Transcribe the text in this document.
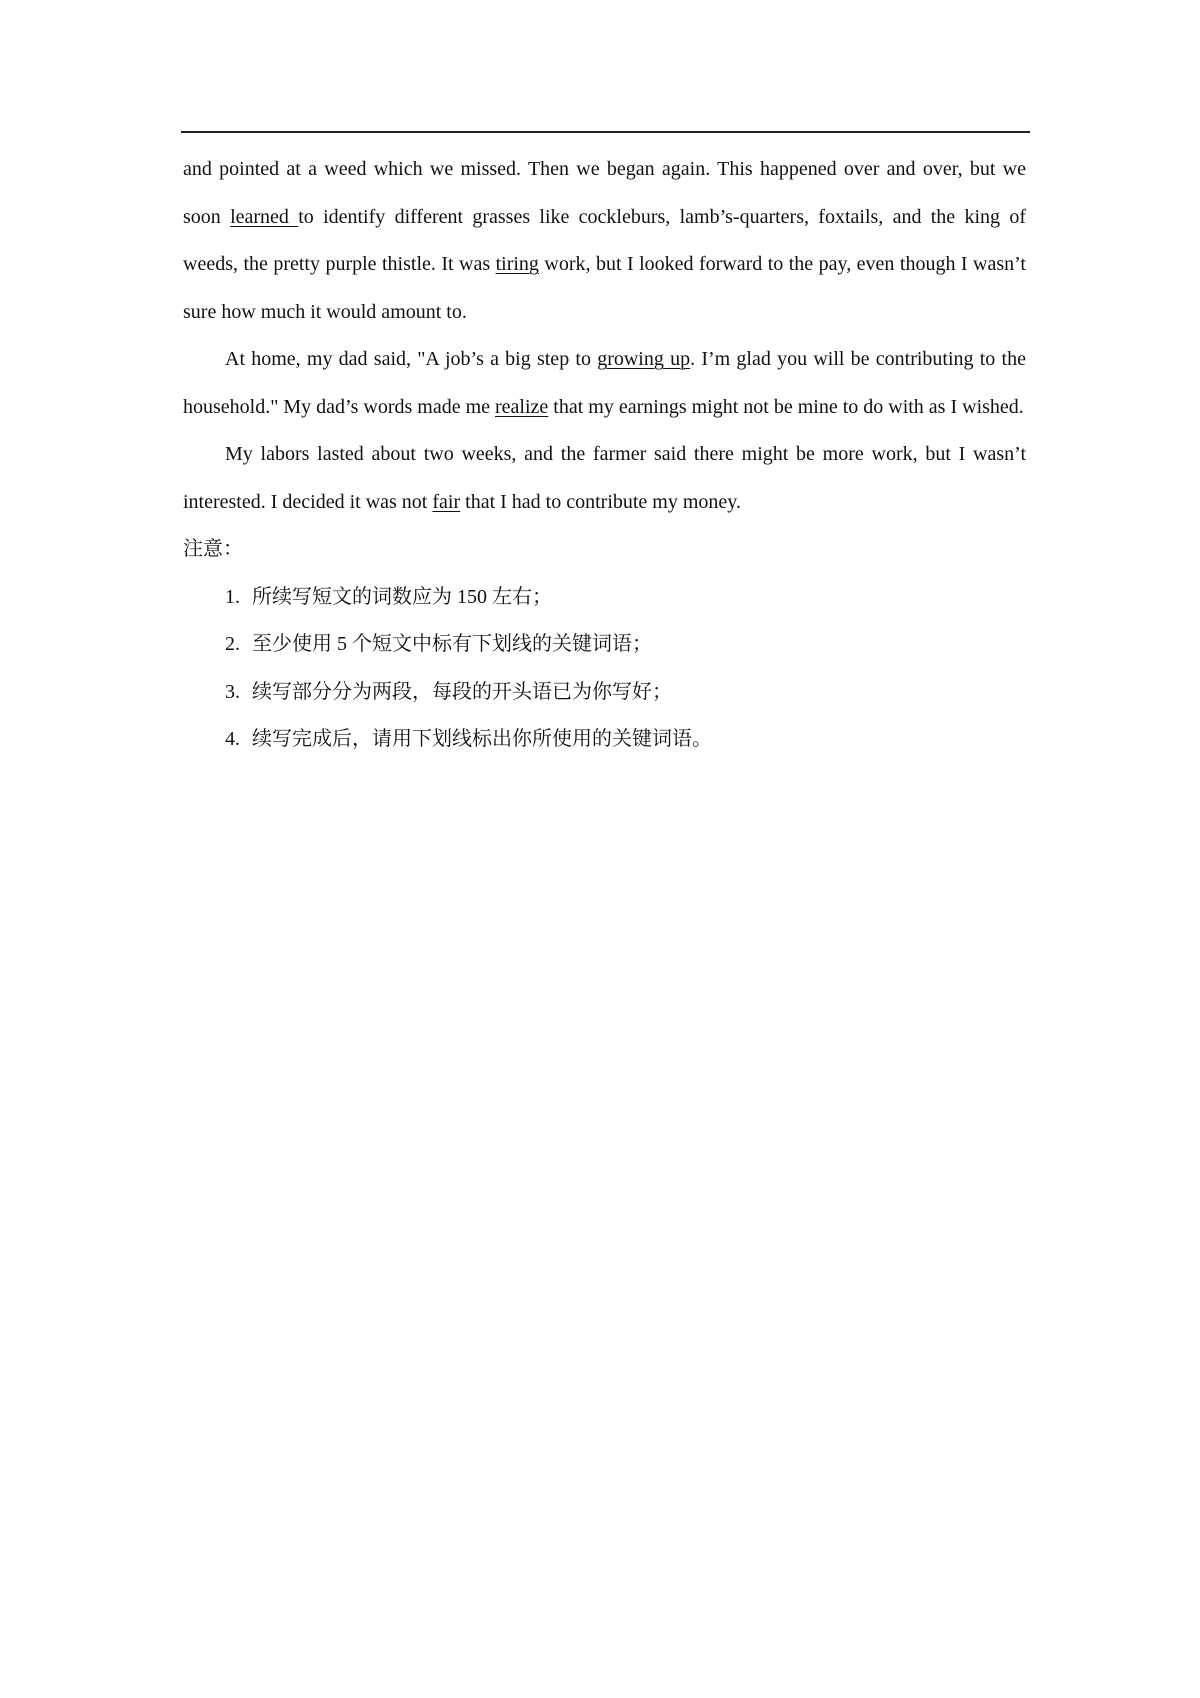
and pointed at a weed which we missed. Then we began again. This happened over and over, but we soon learned to identify different grasses like cockleburs, lamb’s-quarters, foxtails, and the king of weeds, the pretty purple thistle. It was tiring work, but I looked forward to the pay, even though I wasn’t sure how much it would amount to.

At home, my dad said, "A job’s a big step to growing up. I’m glad you will be contributing to the household." My dad’s words made me realize that my earnings might not be mine to do with as I wished.

My labors lasted about two weeks, and the farmer said there might be more work, but I wasn’t interested. I decided it was not fair that I had to contribute my money.

注意：

1. 所续写短文的词数应为 150 左右；
2. 至少使用 5 个短文中标有下划线的关键词语；
3. 续写部分分为两段，每段的开头语已为你写好；
4. 续写完成后，请用下划线标出你所使用的关键词语。
